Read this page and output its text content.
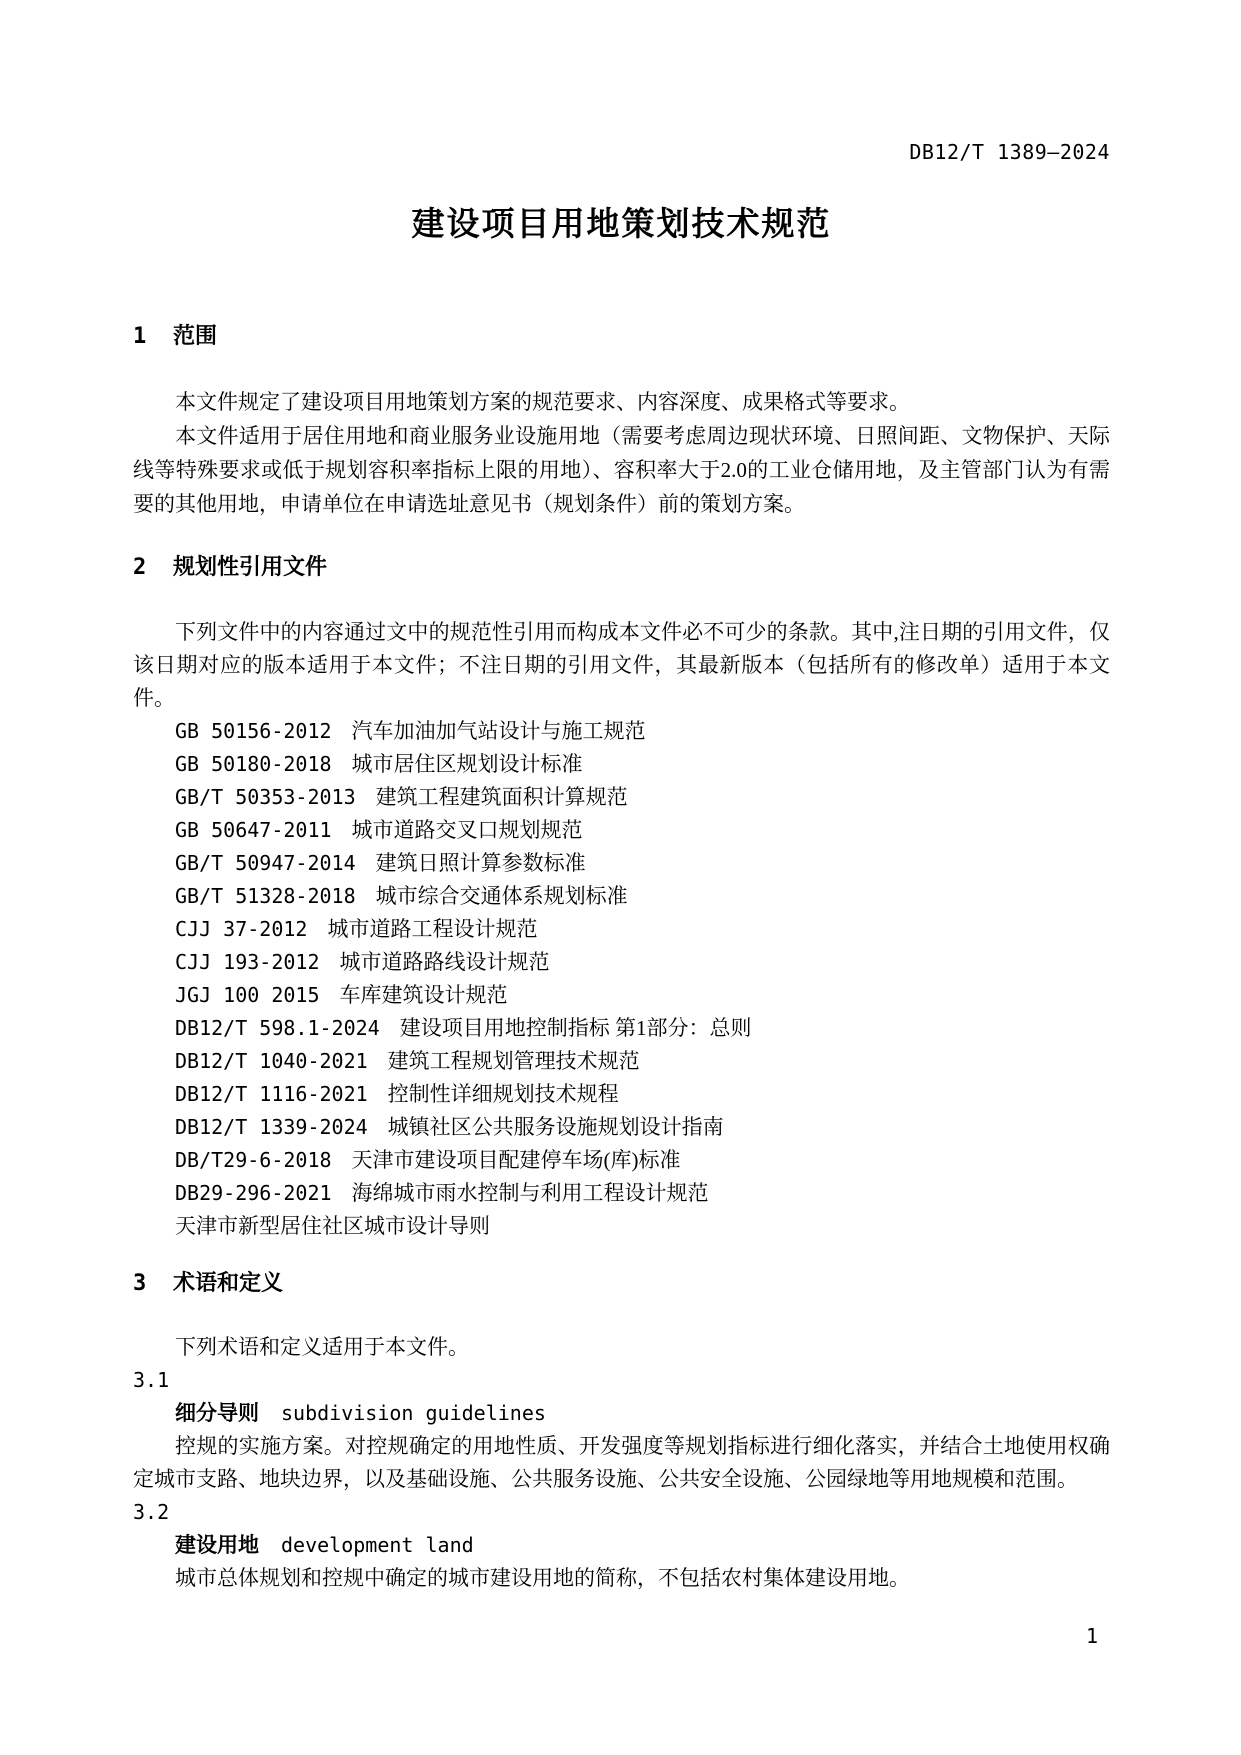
DB12/T 1389—2024
建设项目用地策划技术规范
1 范围

本文件规定了建设项目用地策划方案的规范要求、内容深度、成果格式等要求。

本文件适用于居住用地和商业服务业设施用地（需要考虑周边现状环境、日照间距、文物保护、天际线等特殊要求或低于规划容积率指标上限的用地）、容积率大于2.0的工业仓储用地，及主管部门认为有需要的其他用地，申请单位在申请选址意见书（规划条件）前的策划方案。

2 规划性引用文件

下列文件中的内容通过文中的规范性引用而构成本文件必不可少的条款。其中,注日期的引用文件，仅该日期对应的版本适用于本文件；不注日期的引用文件，其最新版本（包括所有的修改单）适用于本文件。

GB 50156-2012 汽车加油加气站设计与施工规范
GB 50180-2018 城市居住区规划设计标准
GB/T 50353-2013 建筑工程建筑面积计算规范
GB 50647-2011 城市道路交叉口规划规范
GB/T 50947-2014 建筑日照计算参数标准
GB/T 51328-2018 城市综合交通体系规划标准
CJJ 37-2012 城市道路工程设计规范
CJJ 193-2012 城市道路路线设计规范
JGJ 100 2015 车库建筑设计规范
DB12/T 598.1-2024 建设项目用地控制指标 第1部分：总则
DB12/T 1040-2021 建筑工程规划管理技术规范
DB12/T 1116-2021 控制性详细规划技术规程
DB12/T 1339-2024 城镇社区公共服务设施规划设计指南
DB/T29-6-2018 天津市建设项目配建停车场(库)标准
DB29-296-2021 海绵城市雨水控制与利用工程设计规范
天津市新型居住社区城市设计导则
3 术语和定义

下列术语和定义适用于本文件。

3.1
细分导则 subdivision guidelines

控规的实施方案。对控规确定的用地性质、开发强度等规划指标进行细化落实，并结合土地使用权确定城市支路、地块边界，以及基础设施、公共服务设施、公共安全设施、公园绿地等用地规模和范围。

3.2
建设用地 development land

城市总体规划和控规中确定的城市建设用地的简称，不包括农村集体建设用地。

1
